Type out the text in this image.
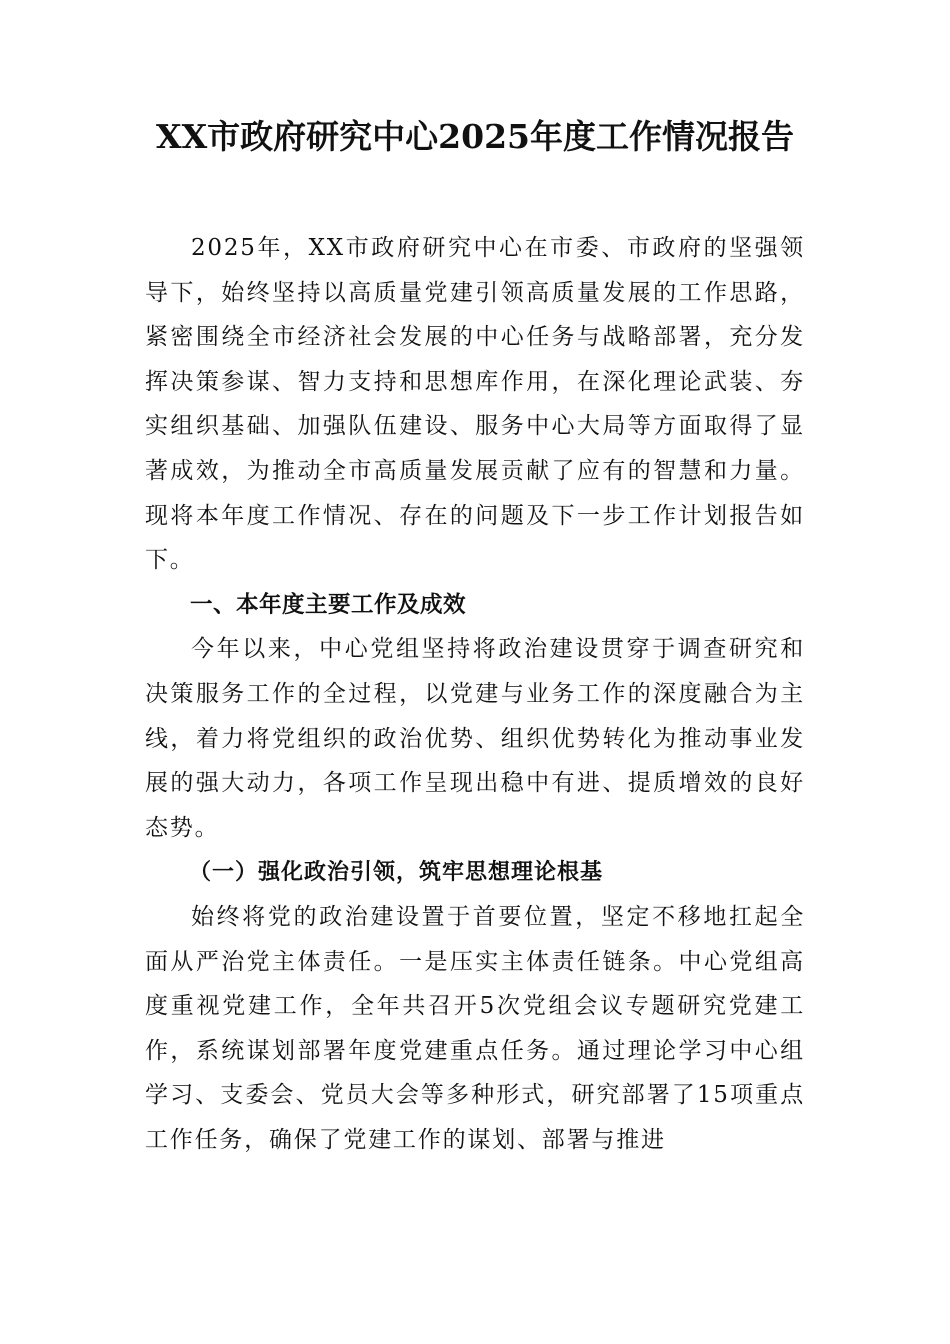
XX市政府研究中心2025年度工作情况报告

2025年，XX市政府研究中心在市委、市政府的坚强领导下，始终坚持以高质量党建引领高质量发展的工作思路，紧密围绕全市经济社会发展的中心任务与战略部署，充分发挥决策参谋、智力支持和思想库作用，在深化理论武装、夯实组织基础、加强队伍建设、服务中心大局等方面取得了显著成效，为推动全市高质量发展贡献了应有的智慧和力量。现将本年度工作情况、存在的问题及下一步工作计划报告如下。

一、本年度主要工作及成效

今年以来，中心党组坚持将政治建设贯穿于调查研究和决策服务工作的全过程，以党建与业务工作的深度融合为主线，着力将党组织的政治优势、组织优势转化为推动事业发展的强大动力，各项工作呈现出稳中有进、提质增效的良好态势。

（一）强化政治引领，筑牢思想理论根基

始终将党的政治建设置于首要位置，坚定不移地扛起全面从严治党主体责任。一是压实主体责任链条。中心党组高度重视党建工作，全年共召开5次党组会议专题研究党建工作，系统谋划部署年度党建重点任务。通过理论学习中心组学习、支委会、党员大会等多种形式，研究部署了15项重点工作任务，确保了党建工作的谋划、部署与推进
